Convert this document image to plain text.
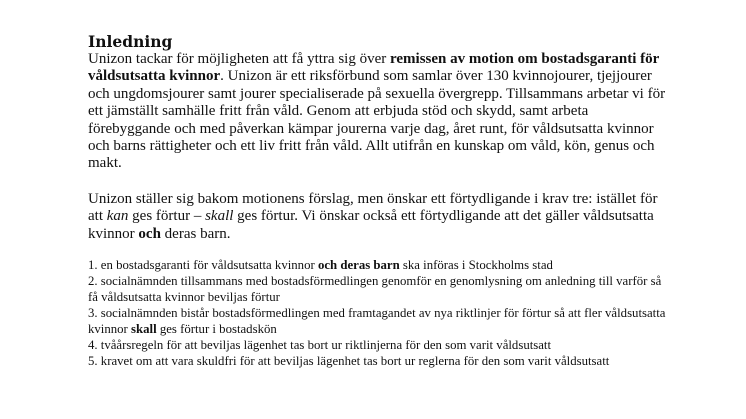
Inledning

Unizon tackar för möjligheten att få yttra sig över remissen av motion om bostadsgaranti för våldsutsatta kvinnor. Unizon är ett riksförbund som samlar över 130 kvinnojourer, tjejjourer och ungdomsjourer samt jourer specialiserade på sexuella övergrepp. Tillsammans arbetar vi för ett jämställt samhälle fritt från våld. Genom att erbjuda stöd och skydd, samt arbeta förebyggande och med påverkan kämpar jourerna varje dag, året runt, för våldsutsatta kvinnor och barns rättigheter och ett liv fritt från våld. Allt utifrån en kunskap om våld, kön, genus och makt.

Unizon ställer sig bakom motionens förslag, men önskar ett förtydligande i krav tre: istället för att kan ges förtur – skall ges förtur. Vi önskar också ett förtydligande att det gäller våldsutsatta kvinnor och deras barn.

1. en bostadsgaranti för våldsutsatta kvinnor och deras barn ska införas i Stockholms stad
2. socialnämnden tillsammans med bostadsförmedlingen genomför en genomlysning om anledning till varför så få våldsutsatta kvinnor beviljas förtur
3. socialnämnden bistår bostadsförmedlingen med framtagandet av nya riktlinjer för förtur så att fler våldsutsatta kvinnor skall ges förtur i bostadskön
4. tvåårsregeln för att beviljas lägenhet tas bort ur riktlinjerna för den som varit våldsutsatt
5. kravet om att vara skuldfri för att beviljas lägenhet tas bort ur reglerna för den som varit våldsutsatt
